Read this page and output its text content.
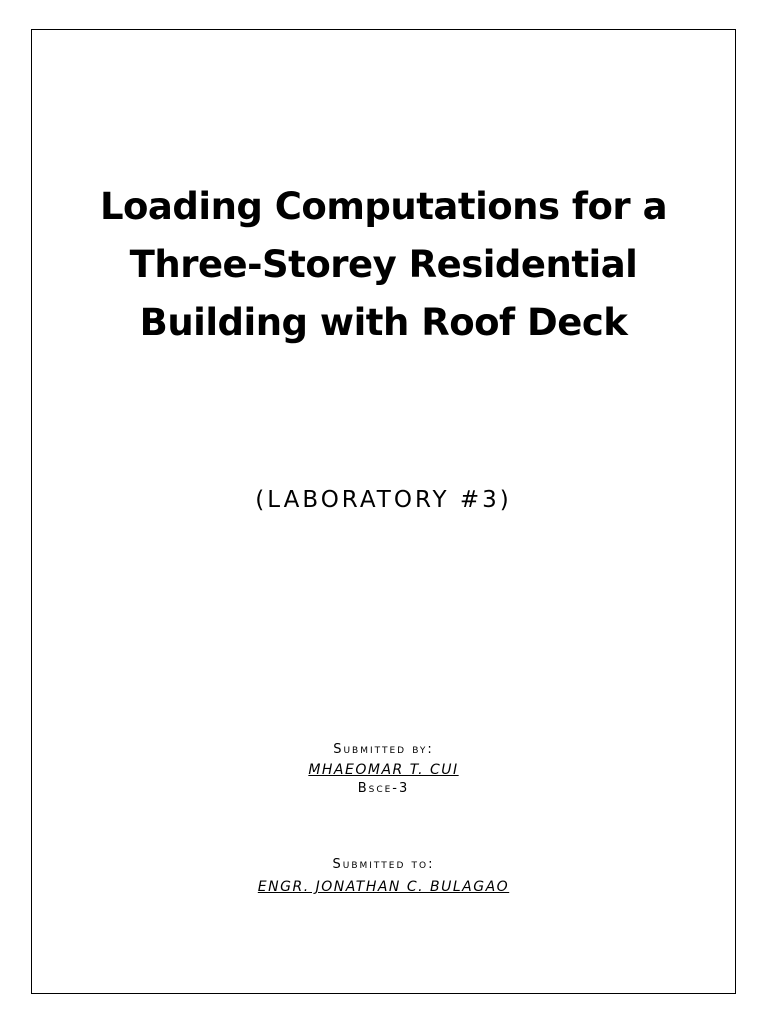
Loading Computations for a
Three-Storey Residential
Building with Roof Deck
(LABORATORY #3)
Submitted by:
MHAEOMAR T. CUI
Bsce-3
Submitted to:
ENGR. JONATHAN C. BULAGAO
